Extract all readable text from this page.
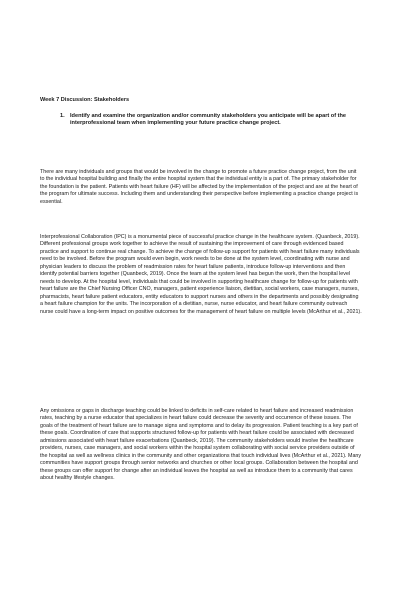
Week 7 Discussion: Stakeholders
1. Identify and examine the organization and/or community stakeholders you anticipate will be apart of the interprofessional team when implementing your future practice change project.

There are many individuals and groups that would be involved in the change to promote a future practice change project, from the unit to the individual hospital building and finally the entire hospital system that the individual entity is a part of. The primary stakeholder for the foundation is the patient. Patients with heart failure (HF) will be affected by the implementation of the project and are at the heart of the program for ultimate success. Including them and understanding their perspective before implementing a practice change project is essential.

Interprofessional Collaboration (IPC) is a monumental piece of successful practice change in the healthcare system. (Quanbeck, 2019). Different professional groups work together to achieve the result of sustaining the improvement of care through evidenced based practice and support to continue real change. To achieve the change of follow-up support for patients with heart failure many individuals need to be involved. Before the program would even begin, work needs to be done at the system level, coordinating with nurse and physician leaders to discuss the problem of readmission rates for heart failure patients, introduce follow-up interventions and then identify potential barriers together (Quanbeck, 2019). Once the team at the system level has begun the work, then the hospital level needs to develop. At the hospital level, individuals that could be involved in supporting healthcare change for follow-up for patients with heart failure are the Chief Nursing Officer CNO, managers, patient experience liaison, dietitian, social workers, case managers, nurses, pharmacists, heart failure patient educators, entity educators to support nurses and others in the departments and possibly designating a heart failure champion for the units. The incorporation of a dietitian, nurse, nurse educator, and heart failure community outreach nurse could have a long-term impact on positive outcomes for the management of heart failure on multiple levels (McArthur et al., 2021).

Any omissions or gaps in discharge teaching could be linked to deficits in self-care related to heart failure and increased readmission rates, teaching by a nurse educator that specializes in heart failure could decrease the severity and occurrence of these issues. The goals of the treatment of heart failure are to manage signs and symptoms and to delay its progression. Patient teaching is a key part of these goals. Coordination of care that supports structured follow-up for patients with heart failure could be associated with decreased admissions associated with heart failure exacerbations (Quanbeck, 2019). The community stakeholders would involve the healthcare providers, nurses, case managers, and social workers within the hospital system collaborating with social service providers outside of the hospital as well as wellness clinics in the community and other organizations that touch individual lives (McArthur et al., 2021). Many communities have support groups through senior networks and churches or other local groups. Collaboration between the hospital and these groups can offer support for change after an individual leaves the hospital as well as introduce them to a community that cares about healthy lifestyle changes.
